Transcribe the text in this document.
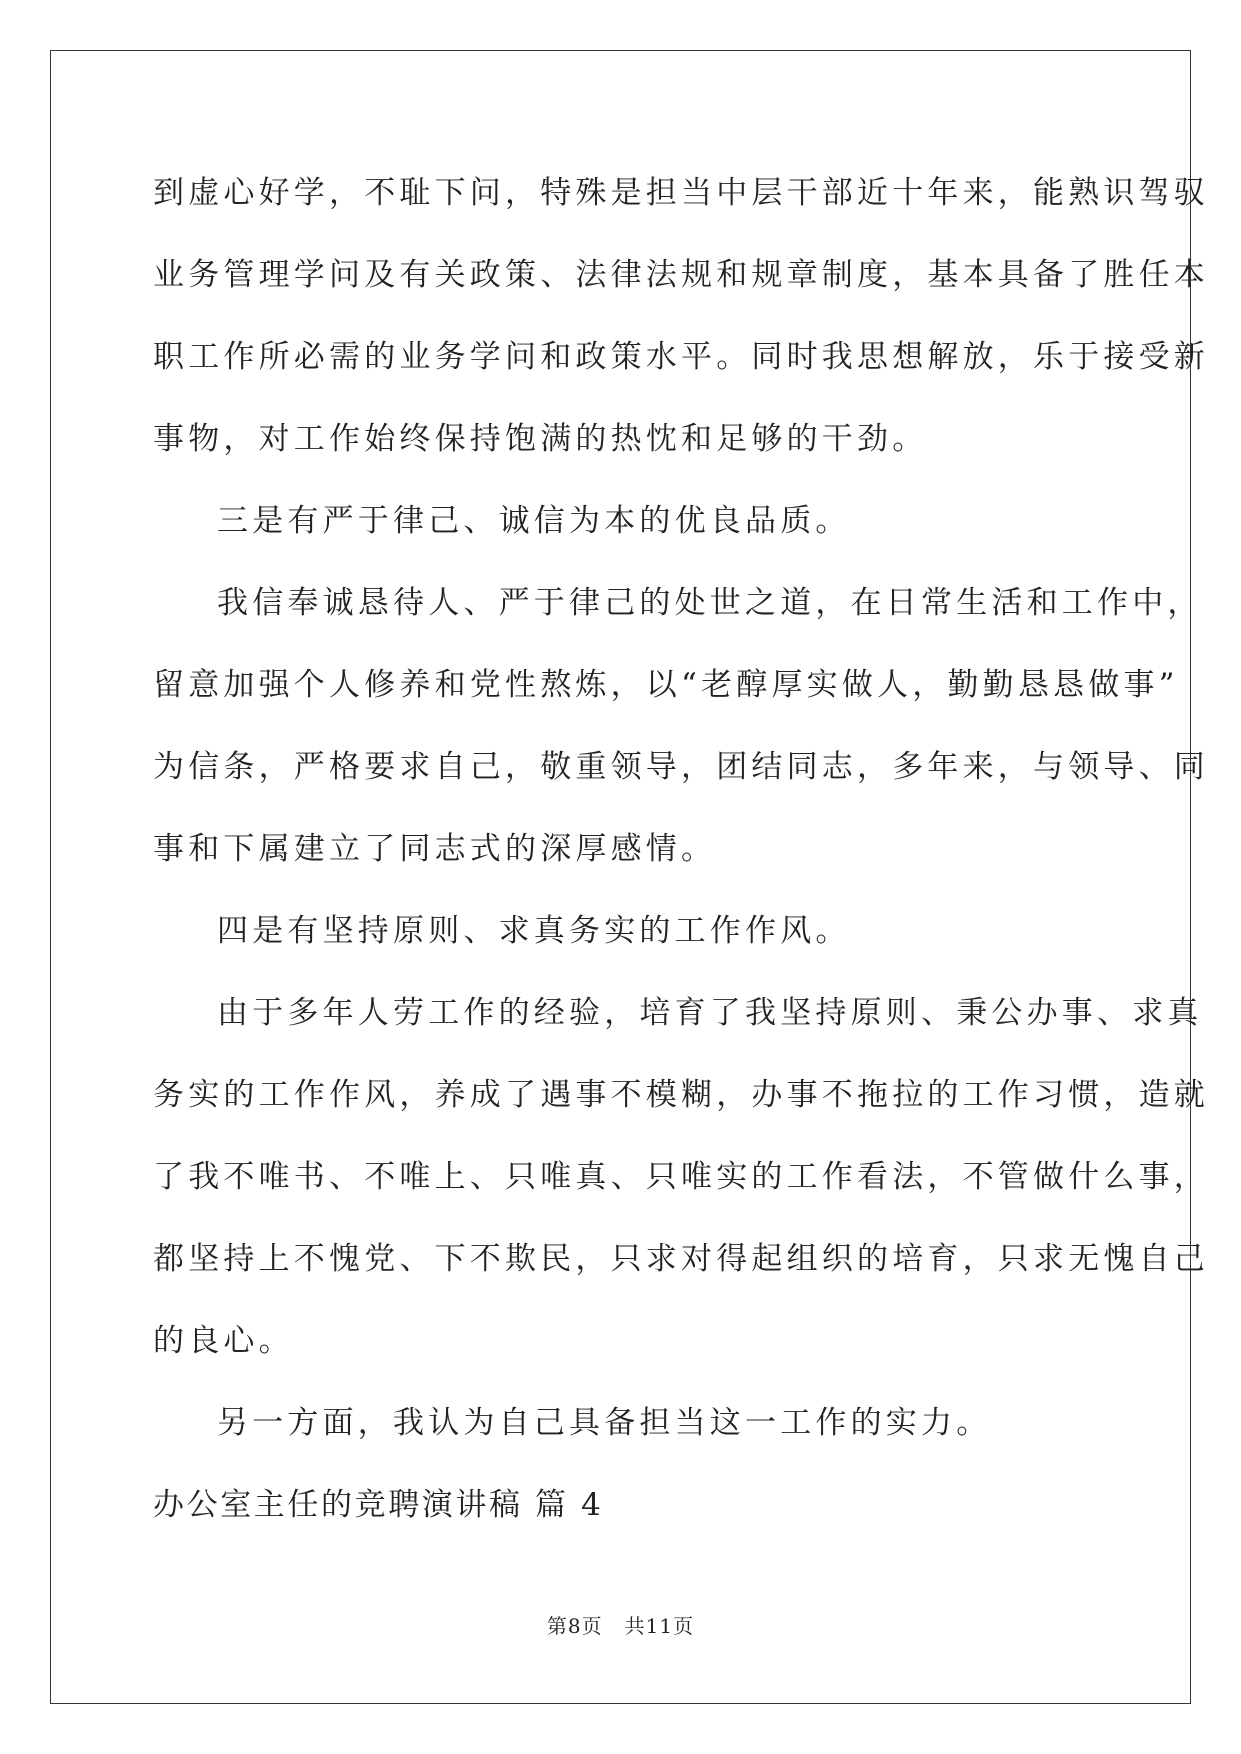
到虚心好学，不耻下问，特殊是担当中层干部近十年来，能熟识驾驭
业务管理学问及有关政策、法律法规和规章制度，基本具备了胜任本
职工作所必需的业务学问和政策水平。同时我思想解放，乐于接受新
事物，对工作始终保持饱满的热忱和足够的干劲。
三是有严于律己、诚信为本的优良品质。
我信奉诚恳待人、严于律己的处世之道，在日常生活和工作中，
留意加强个人修养和党性熬炼，以“老醇厚实做人，勤勤恳恳做事”
为信条，严格要求自己，敬重领导，团结同志，多年来，与领导、同
事和下属建立了同志式的深厚感情。
四是有坚持原则、求真务实的工作作风。
由于多年人劳工作的经验，培育了我坚持原则、秉公办事、求真
务实的工作作风，养成了遇事不模糊，办事不拖拉的工作习惯，造就
了我不唯书、不唯上、只唯真、只唯实的工作看法，不管做什么事，
都坚持上不愧党、下不欺民，只求对得起组织的培育，只求无愧自己
的良心。
另一方面，我认为自己具备担当这一工作的实力。
办公室主任的竞聘演讲稿 篇 4
第8页 共11页
